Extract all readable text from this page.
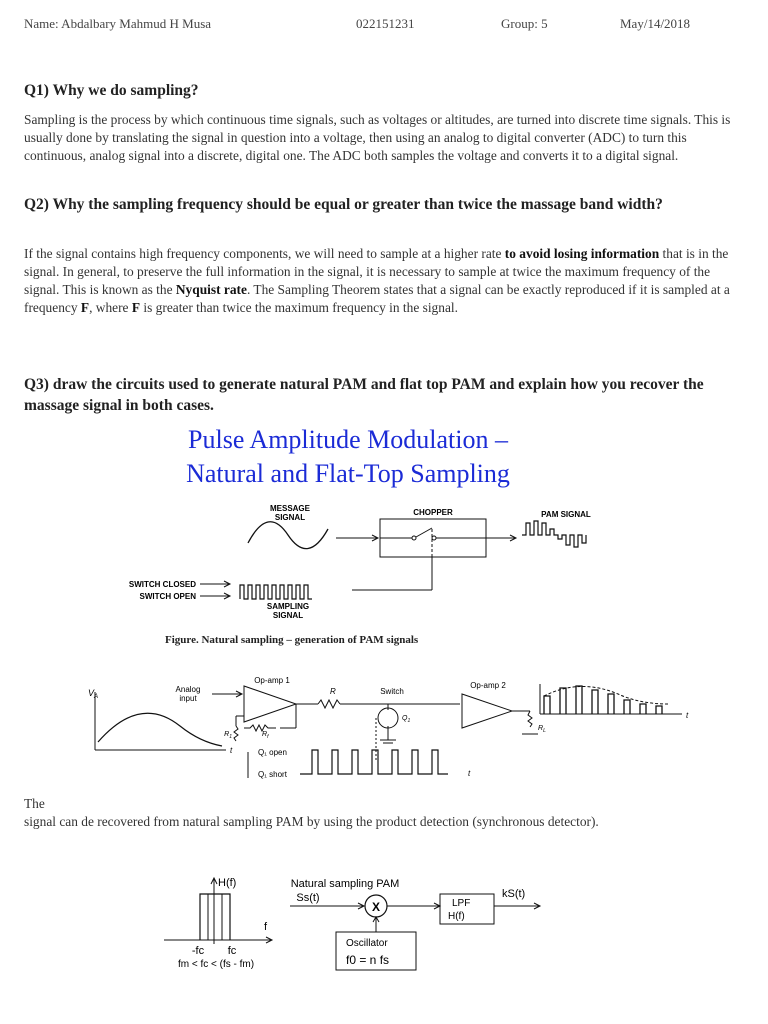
Name: Abdalbary Mahmud H Musa	022151231	Group: 5	May/14/2018
Q1) Why we do sampling?
Sampling is the process by which continuous time signals, such as voltages or altitudes, are turned into discrete time signals. This is usually done by translating the signal in question into a voltage, then using an analog to digital converter (ADC) to turn this continuous, analog signal into a discrete, digital one. The ADC both samples the voltage and converts it to a digital signal.
Q2) Why the sampling frequency should be equal or greater than twice the massage band width?
If the signal contains high frequency components, we will need to sample at a higher rate to avoid losing information that is in the signal. In general, to preserve the full information in the signal, it is necessary to sample at twice the maximum frequency of the signal. This is known as the Nyquist rate. The Sampling Theorem states that a signal can be exactly reproduced if it is sampled at a frequency F, where F is greater than twice the maximum frequency in the signal.
Q3) draw the circuits used to generate natural PAM and flat top PAM and explain how you recover the massage signal in both cases.
Pulse Amplitude Modulation –
Natural and Flat-Top Sampling
MESSAGE
SIGNAL
CHOPPER	PAM SIGNAL
SWITCH CLOSED
SWITCH OPEN
SAMPLING
SIGNAL
Figure. Natural sampling – generation of PAM signals
$V_A$
t
Analog
input
Op-amp 1
$R_1$	$R_f$
R	Switch
$Q_1$
Op-amp 2
$R_L$
t
Q₁ open
Q₁ short	t
The
signal can de recovered from natural sampling PAM by using the product detection (synchronous detector).
H(f)
f
-fc fc
fm < fc < (fs - fm)
Natural sampling PAM
Ss(t)
X	LPF
H(f)
kS(t)
Oscillator
f0 = n fs
